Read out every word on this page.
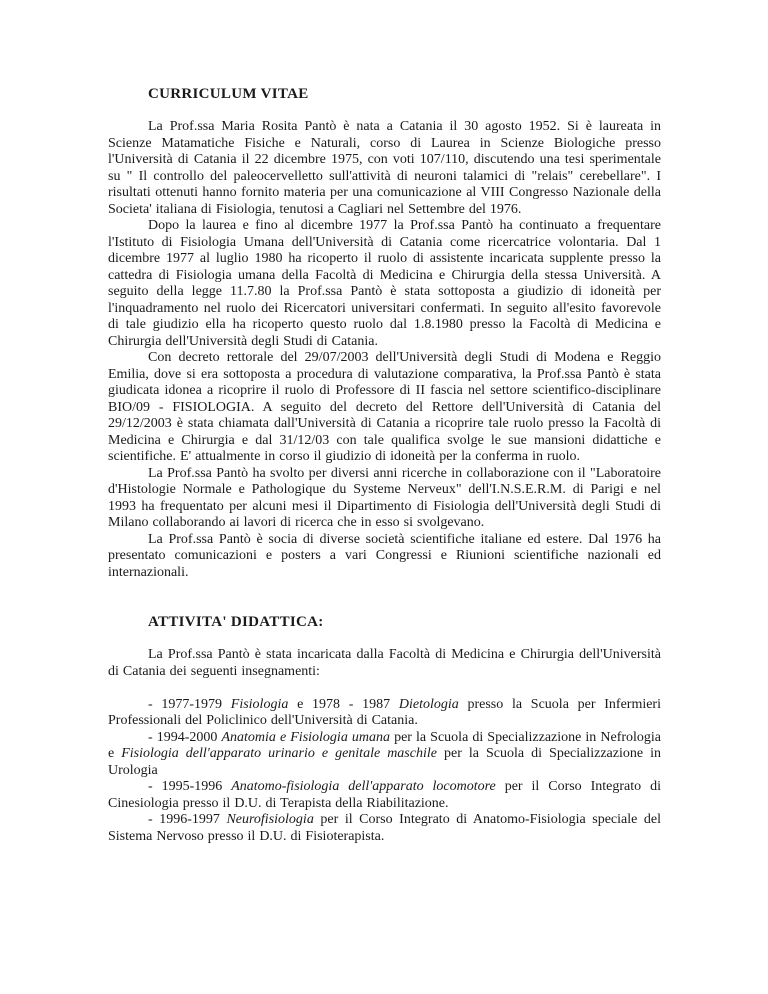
CURRICULUM VITAE
La Prof.ssa Maria Rosita Pantò è nata a Catania il 30 agosto 1952. Si è laureata in Scienze Matamatiche Fisiche e Naturali, corso di Laurea in Scienze Biologiche presso l'Università di Catania il 22 dicembre 1975, con voti 107/110, discutendo una tesi sperimentale su " Il controllo del paleocervelletto sull'attività di neuroni talamici di "relais" cerebellare". I risultati ottenuti hanno fornito materia per una comunicazione al VIII Congresso Nazionale della Societa' italiana di Fisiologia, tenutosi a Cagliari nel Settembre del 1976.
Dopo la laurea e fino al dicembre 1977 la Prof.ssa Pantò ha continuato a frequentare l'Istituto di Fisiologia Umana dell'Università di Catania come ricercatrice volontaria. Dal 1 dicembre 1977 al luglio 1980 ha ricoperto il ruolo di assistente incaricata supplente presso la cattedra di Fisiologia umana della Facoltà di Medicina e Chirurgia della stessa Università. A seguito della legge 11.7.80 la Prof.ssa Pantò è stata sottoposta a giudizio di idoneità per l'inquadramento nel ruolo dei Ricercatori universitari confermati. In seguito all'esito favorevole di tale giudizio ella ha ricoperto questo ruolo dal 1.8.1980 presso la Facoltà di Medicina e Chirurgia dell'Università degli Studi di Catania.
Con decreto rettorale del 29/07/2003 dell'Università degli Studi di Modena e Reggio Emilia, dove si era sottoposta a procedura di valutazione comparativa, la Prof.ssa Pantò è stata giudicata idonea a ricoprire il ruolo di Professore di II fascia nel settore scientifico-disciplinare BIO/09 - FISIOLOGIA. A seguito del decreto del Rettore dell'Università di Catania del 29/12/2003 è stata chiamata dall'Università di Catania a ricoprire tale ruolo presso la Facoltà di Medicina e Chirurgia e dal 31/12/03 con tale qualifica svolge le sue mansioni didattiche e scientifiche. E' attualmente in corso il giudizio di idoneità per la conferma in ruolo.
La Prof.ssa Pantò ha svolto per diversi anni ricerche in collaborazione con il "Laboratoire d'Histologie Normale e Pathologique du Systeme Nerveux" dell'I.N.S.E.R.M. di Parigi e nel 1993 ha frequentato per alcuni mesi il Dipartimento di Fisiologia dell'Università degli Studi di Milano collaborando ai lavori di ricerca che in esso si svolgevano.
La Prof.ssa Pantò è socia di diverse società scientifiche italiane ed estere. Dal 1976 ha presentato comunicazioni e posters a vari Congressi e Riunioni scientifiche nazionali ed internazionali.
ATTIVITA' DIDATTICA:
La Prof.ssa Pantò è stata incaricata dalla Facoltà di Medicina e Chirurgia dell'Università di Catania dei seguenti insegnamenti:
- 1977-1979 Fisiologia e 1978 - 1987 Dietologia presso la Scuola per Infermieri Professionali del Policlinico dell'Università di Catania.
- 1994-2000 Anatomia e Fisiologia umana per la Scuola di Specializzazione in Nefrologia e Fisiologia dell'apparato urinario e genitale maschile per la Scuola di Specializzazione in Urologia
- 1995-1996 Anatomo-fisiologia dell'apparato locomotore per il Corso Integrato di Cinesiologia presso il D.U. di Terapista della Riabilitazione.
- 1996-1997 Neurofisiologia per il Corso Integrato di Anatomo-Fisiologia speciale del Sistema Nervoso presso il D.U. di Fisioterapista.
